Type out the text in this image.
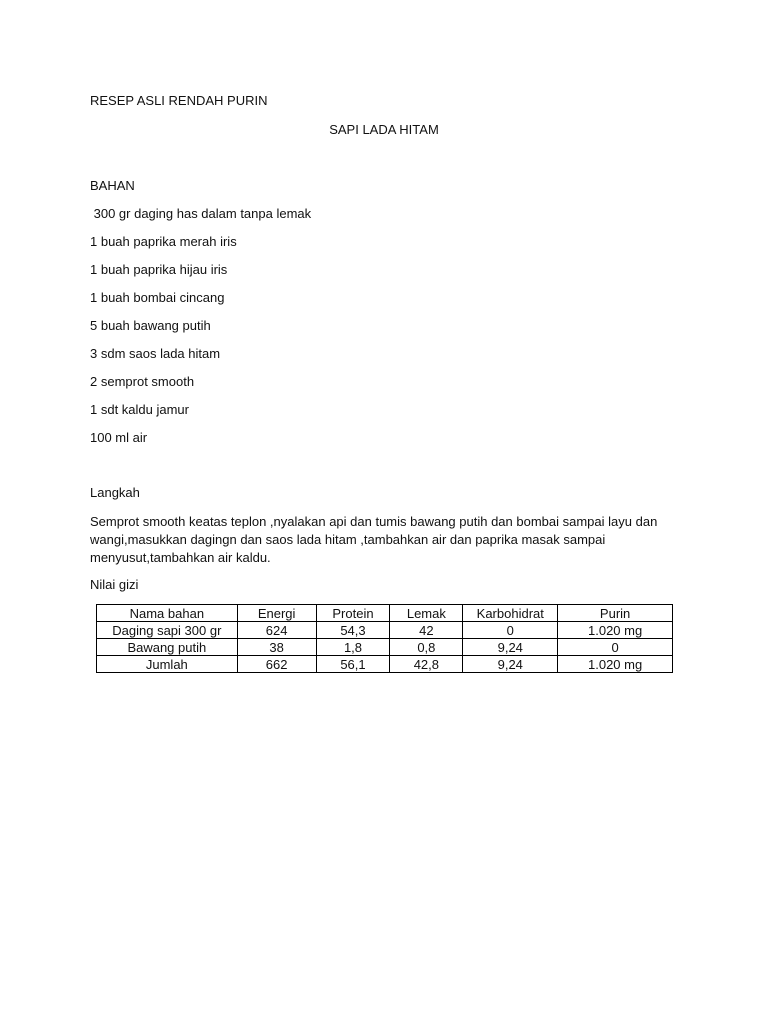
RESEP ASLI RENDAH PURIN
SAPI LADA HITAM
BAHAN
300 gr daging has dalam tanpa lemak
1 buah paprika merah iris
1 buah paprika hijau iris
1 buah bombai cincang
5 buah bawang putih
3 sdm saos lada hitam
2 semprot smooth
1 sdt kaldu jamur
100 ml air
Langkah
Semprot smooth keatas teplon ,nyalakan api dan tumis bawang putih dan bombai sampai layu dan wangi,masukkan dagingn dan saos lada hitam ,tambahkan air dan paprika masak sampai menyusut,tambahkan air kaldu.
Nilai gizi
Nama bahan	Energi	Protein	Lemak	Karbohidrat	Purin
Daging sapi 300 gr	624	54,3	42	0	1.020 mg
Bawang putih	38	1,8	0,8	9,24	0
Jumlah	662	56,1	42,8	9,24	1.020 mg
